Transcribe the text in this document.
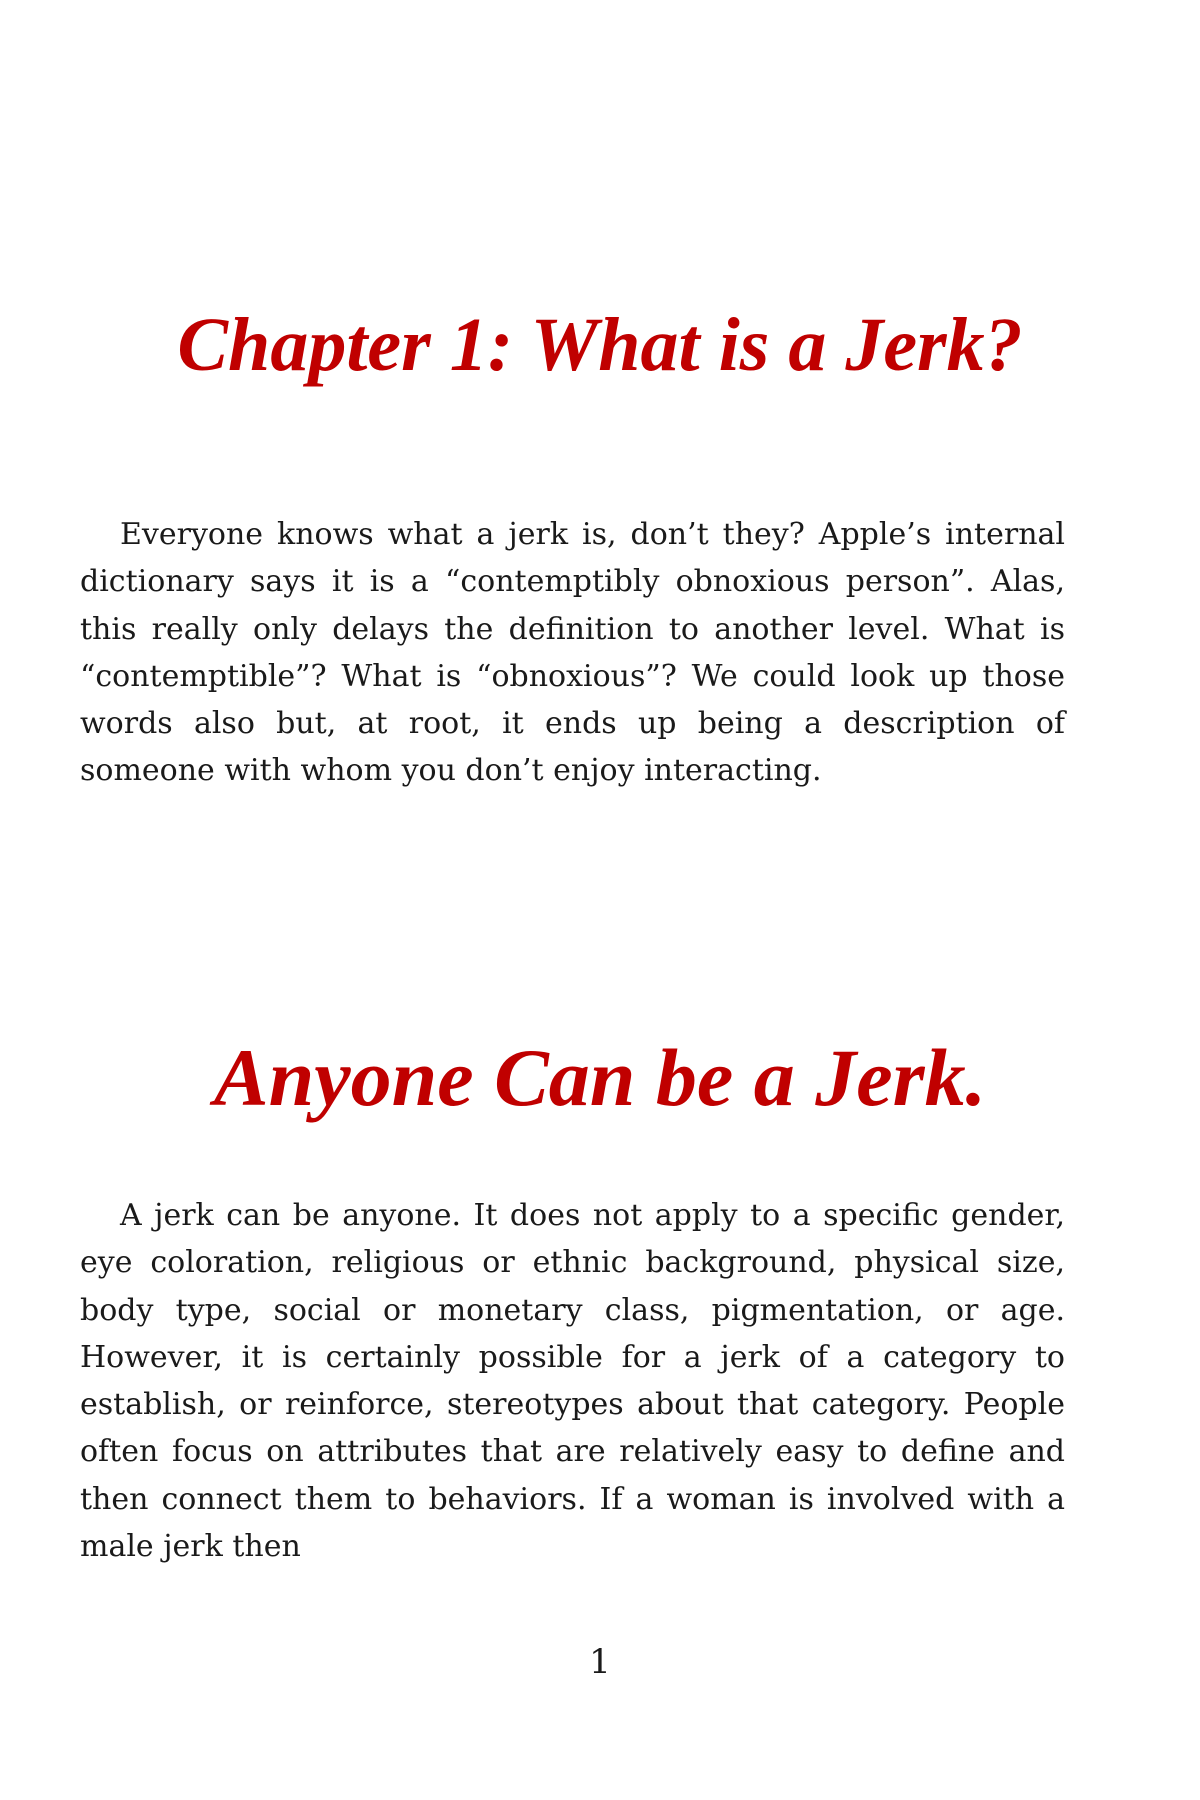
Chapter 1: What is a Jerk?

Everyone knows what a jerk is, don’t they? Apple’s internal dictionary says it is a “contemptibly obnoxious person”. Alas, this really only delays the definition to another level. What is “contemptible”? What is “obnoxious”? We could look up those words also but, at root, it ends up being a description of someone with whom you don’t enjoy interacting.

Anyone Can be a Jerk.

A jerk can be anyone. It does not apply to a specific gender, eye coloration, religious or ethnic background, physical size, body type, social or monetary class, pigmentation, or age. However, it is certainly possible for a jerk of a category to establish, or reinforce, stereotypes about that category. People often focus on attributes that are relatively easy to define and then connect them to behaviors. If a woman is involved with a male jerk then

1
